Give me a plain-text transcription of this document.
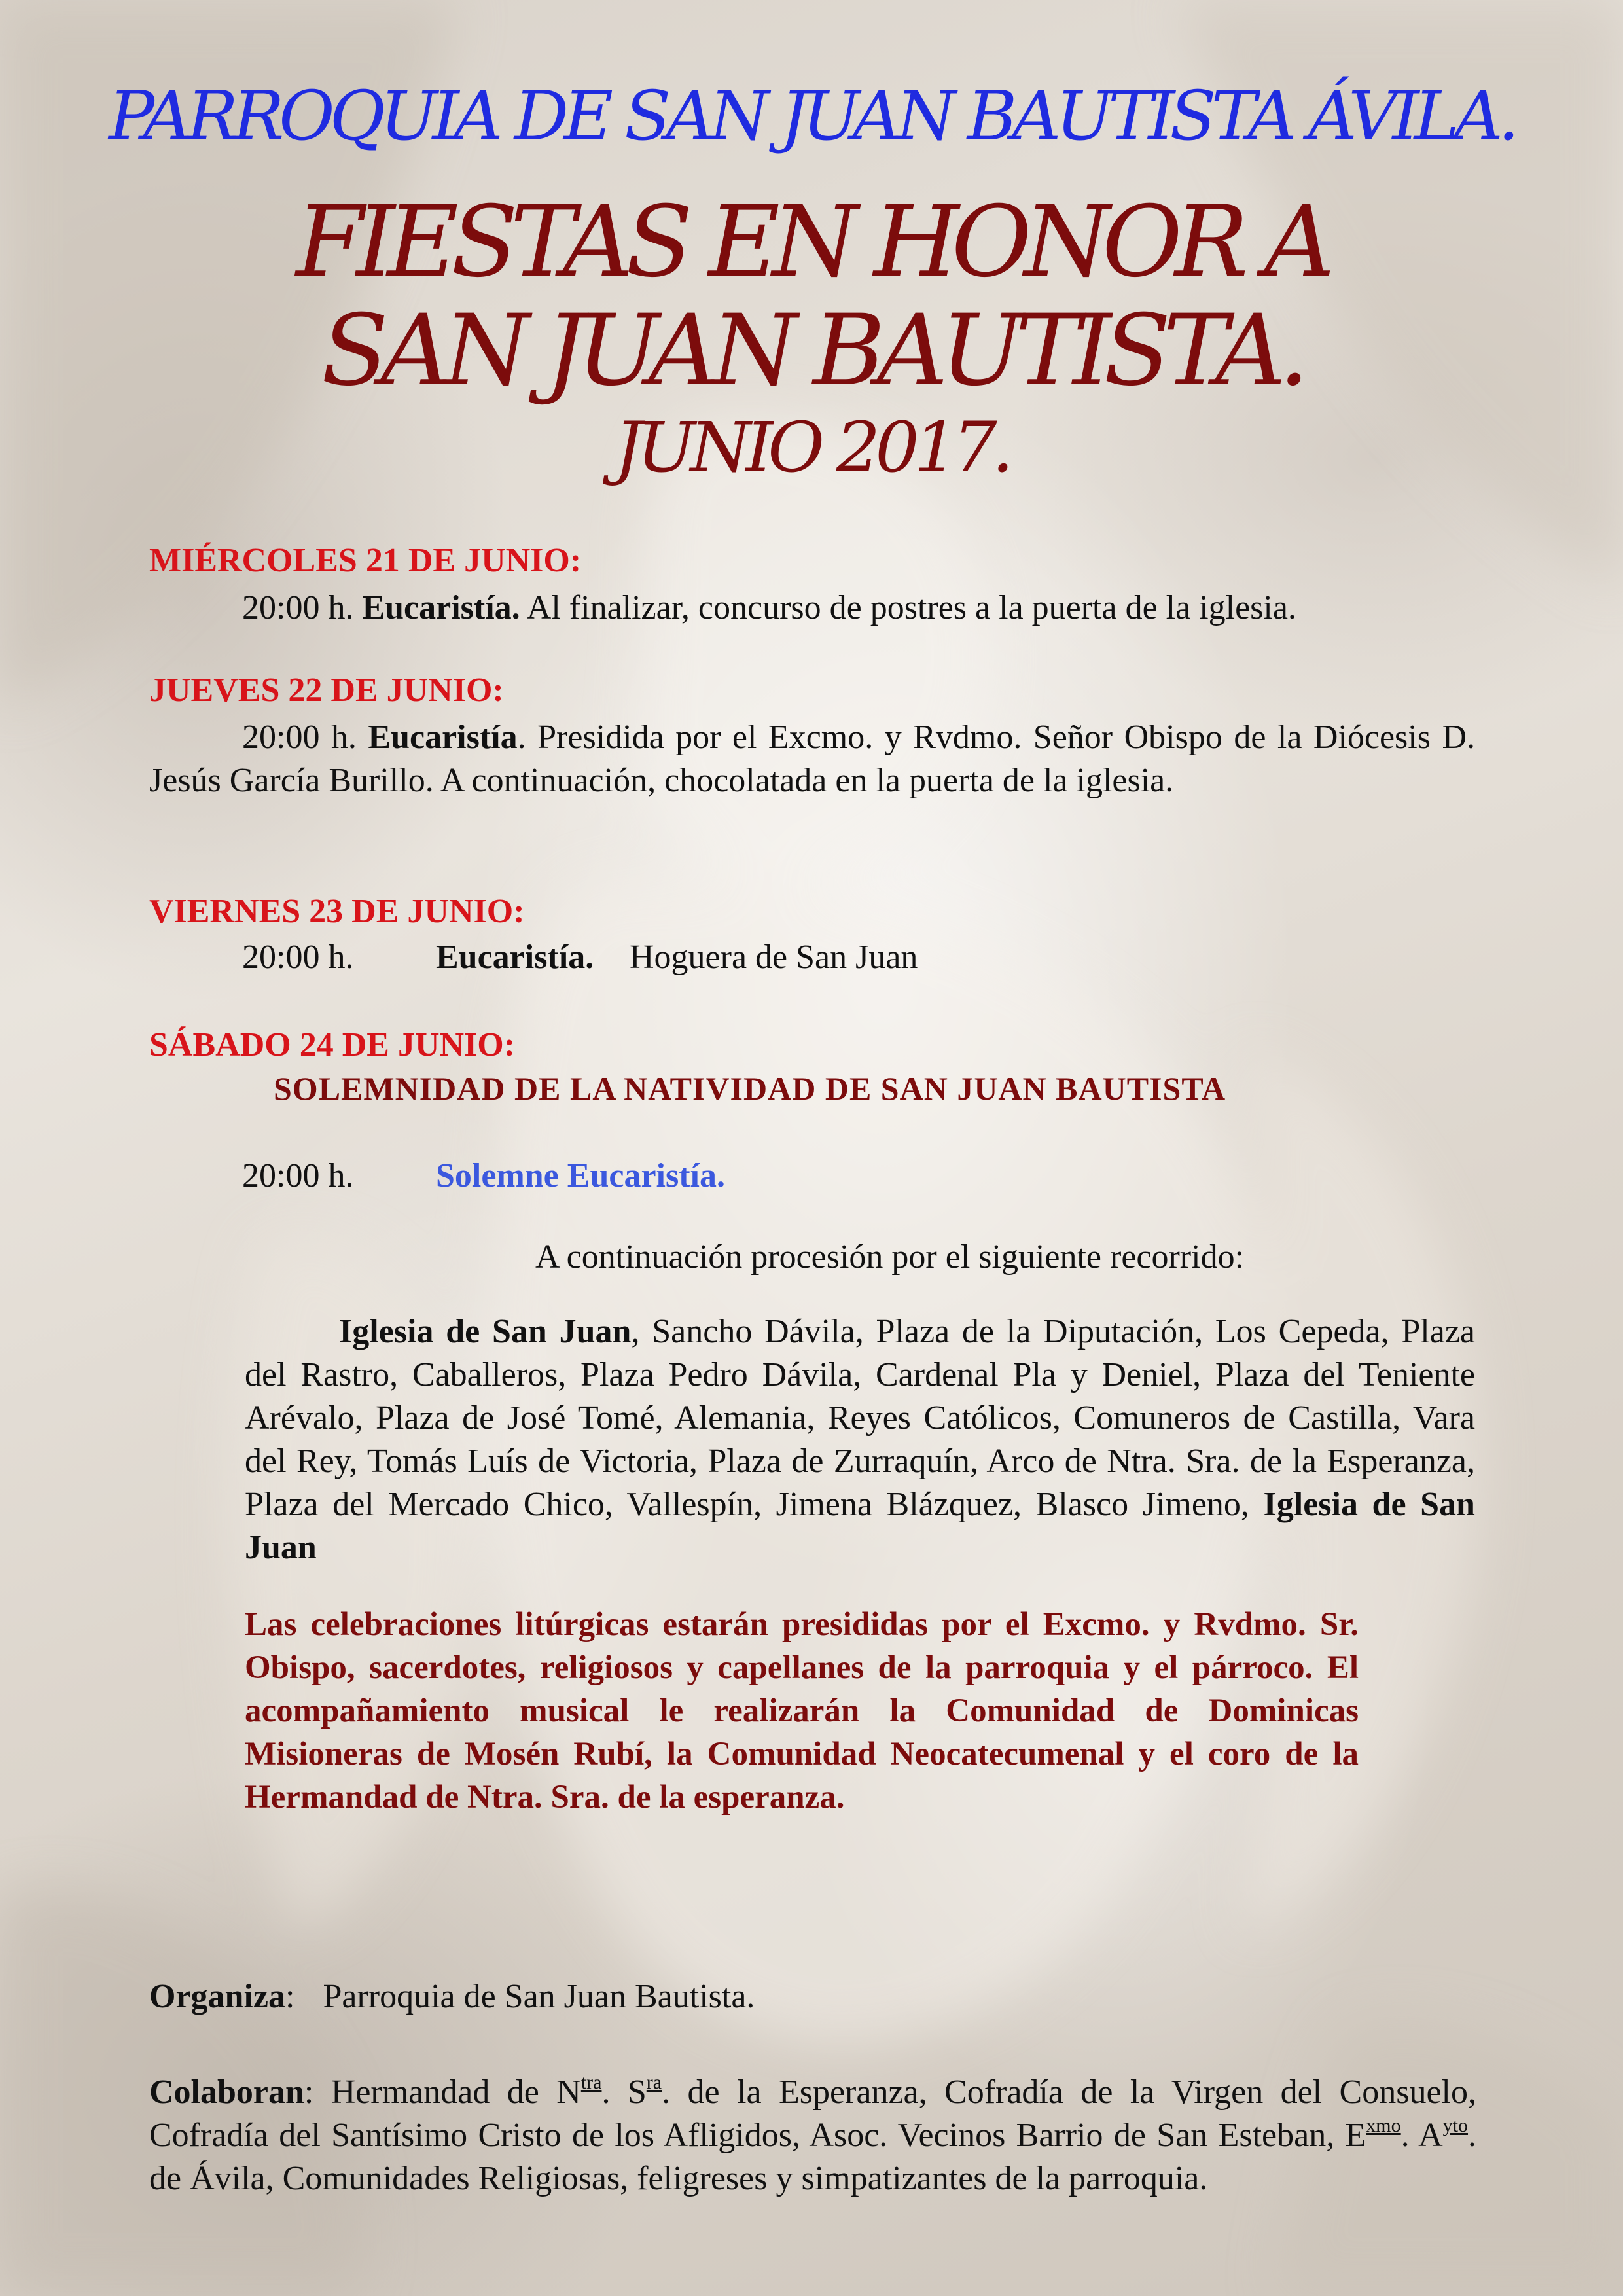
PARROQUIA DE SAN JUAN BAUTISTA ÁVILA.
FIESTAS EN HONOR A
SAN JUAN BAUTISTA.
JUNIO 2017.
MIÉRCOLES 21 DE JUNIO:
20:00 h. Eucaristía. Al finalizar, concurso de postres a la puerta de la iglesia.
JUEVES 22 DE JUNIO:
20:00 h. Eucaristía. Presidida por el Excmo. y Rvdmo. Señor Obispo de la Diócesis D. Jesús García Burillo. A continuación, chocolatada en la puerta de la iglesia.
VIERNES 23 DE JUNIO:
20:00 h. Eucaristía. Hoguera de San Juan
SÁBADO 24 DE JUNIO:
SOLEMNIDAD DE LA NATIVIDAD DE SAN JUAN BAUTISTA
20:00 h. Solemne Eucaristía.
A continuación procesión por el siguiente recorrido:
Iglesia de San Juan, Sancho Dávila, Plaza de la Diputación, Los Cepeda, Plaza del Rastro, Caballeros, Plaza Pedro Dávila, Cardenal Pla y Deniel, Plaza del Teniente Arévalo, Plaza de José Tomé, Alemania, Reyes Católicos, Comuneros de Castilla, Vara del Rey, Tomás Luís de Victoria, Plaza de Zurraquín, Arco de Ntra. Sra. de la Esperanza, Plaza del Mercado Chico, Vallespín, Jimena Blázquez, Blasco Jimeno, Iglesia de San Juan
Las celebraciones litúrgicas estarán presididas por el Excmo. y Rvdmo. Sr. Obispo, sacerdotes, religiosos y capellanes de la parroquia y el párroco. El acompañamiento musical le realizarán la Comunidad de Dominicas Misioneras de Mosén Rubí, la Comunidad Neocatecumenal y el coro de la Hermandad de Ntra. Sra. de la esperanza.
Organiza: Parroquia de San Juan Bautista.
Colaboran: Hermandad de $N^{tra}$. $S^{ra}$. de la Esperanza, Cofradía de la Virgen del Consuelo, Cofradía del Santísimo Cristo de los Afligidos, Asoc. Vecinos Barrio de San Esteban, $E^{xmo}$. $A^{yto}$. de Ávila, Comunidades Religiosas, feligreses y simpatizantes de la parroquia.
